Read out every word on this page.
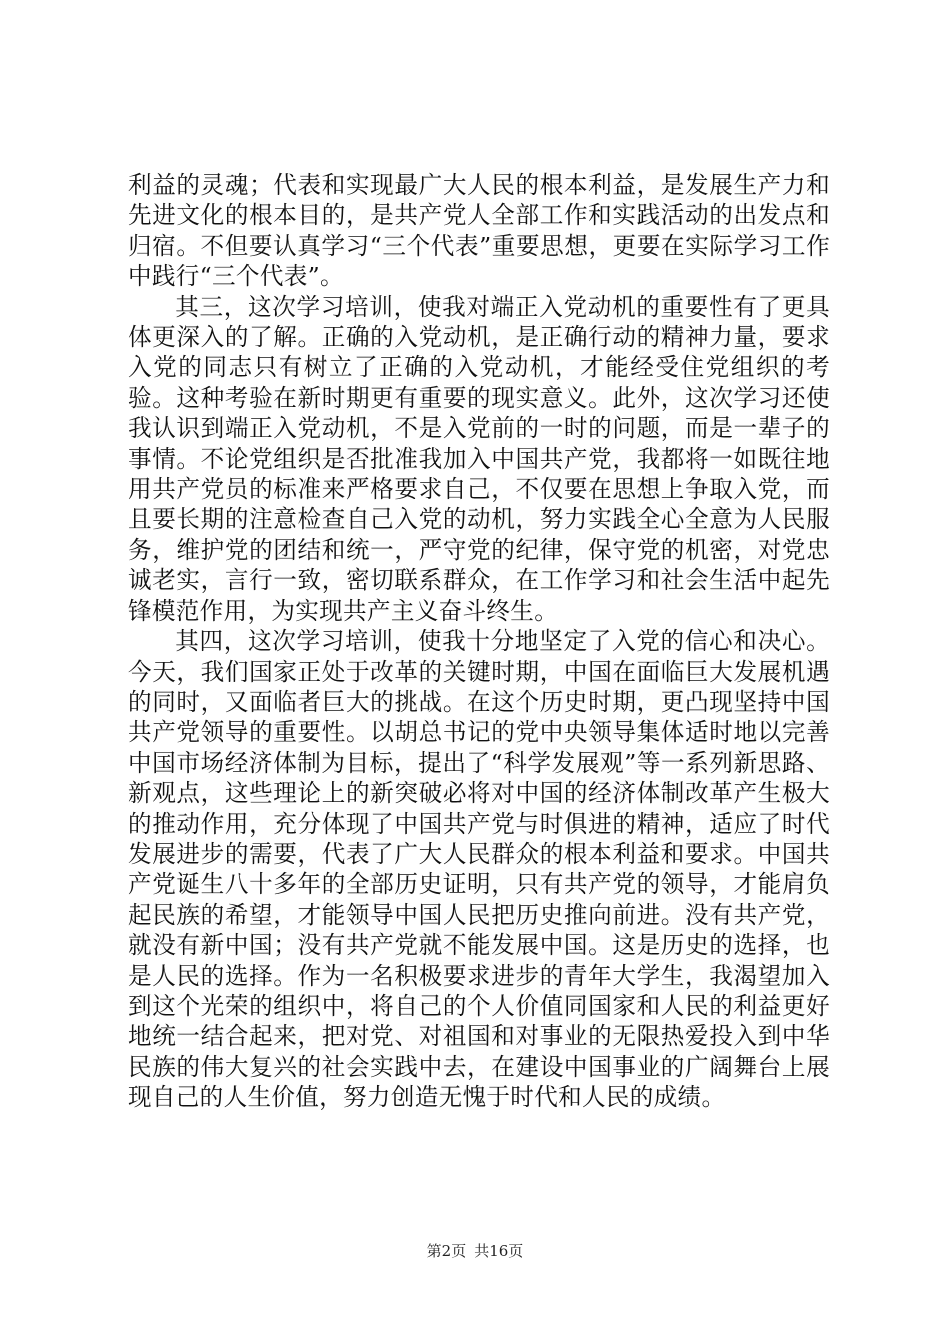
利益的灵魂；代表和实现最广大人民的根本利益，是发展生产力和先进文化的根本目的，是共产党人全部工作和实践活动的出发点和归宿。不但要认真学习“三个代表”重要思想，更要在实际学习工作中践行“三个代表”。

其三，这次学习培训，使我对端正入党动机的重要性有了更具体更深入的了解。正确的入党动机，是正确行动的精神力量，要求入党的同志只有树立了正确的入党动机，才能经受住党组织的考验。这种考验在新时期更有重要的现实意义。此外，这次学习还使我认识到端正入党动机，不是入党前的一时的问题，而是一辈子的事情。不论党组织是否批准我加入中国共产党，我都将一如既往地用共产党员的标准来严格要求自己，不仅要在思想上争取入党，而且要长期的注意检查自己入党的动机，努力实践全心全意为人民服务，维护党的团结和统一，严守党的纪律，保守党的机密，对党忠诚老实，言行一致，密切联系群众，在工作学习和社会生活中起先锋模范作用，为实现共产主义奋斗终生。

其四，这次学习培训，使我十分地坚定了入党的信心和决心。今天，我们国家正处于改革的关键时期，中国在面临巨大发展机遇的同时，又面临者巨大的挑战。在这个历史时期，更凸现坚持中国共产党领导的重要性。以胡总书记的党中央领导集体适时地以完善中国市场经济体制为目标，提出了“科学发展观”等一系列新思路、新观点，这些理论上的新突破必将对中国的经济体制改革产生极大的推动作用，充分体现了中国共产党与时俱进的精神，适应了时代发展进步的需要，代表了广大人民群众的根本利益和要求。中国共产党诞生八十多年的全部历史证明，只有共产党的领导，才能肩负起民族的希望，才能领导中国人民把历史推向前进。没有共产党，就没有新中国；没有共产党就不能发展中国。这是历史的选择，也是人民的选择。作为一名积极要求进步的青年大学生，我渴望加入到这个光荣的组织中，将自己的个人价值同国家和人民的利益更好地统一结合起来，把对党、对祖国和对事业的无限热爱投入到中华民族的伟大复兴的社会实践中去，在建设中国事业的广阔舞台上展现自己的人生价值，努力创造无愧于时代和人民的成绩。

第2页 共16页
